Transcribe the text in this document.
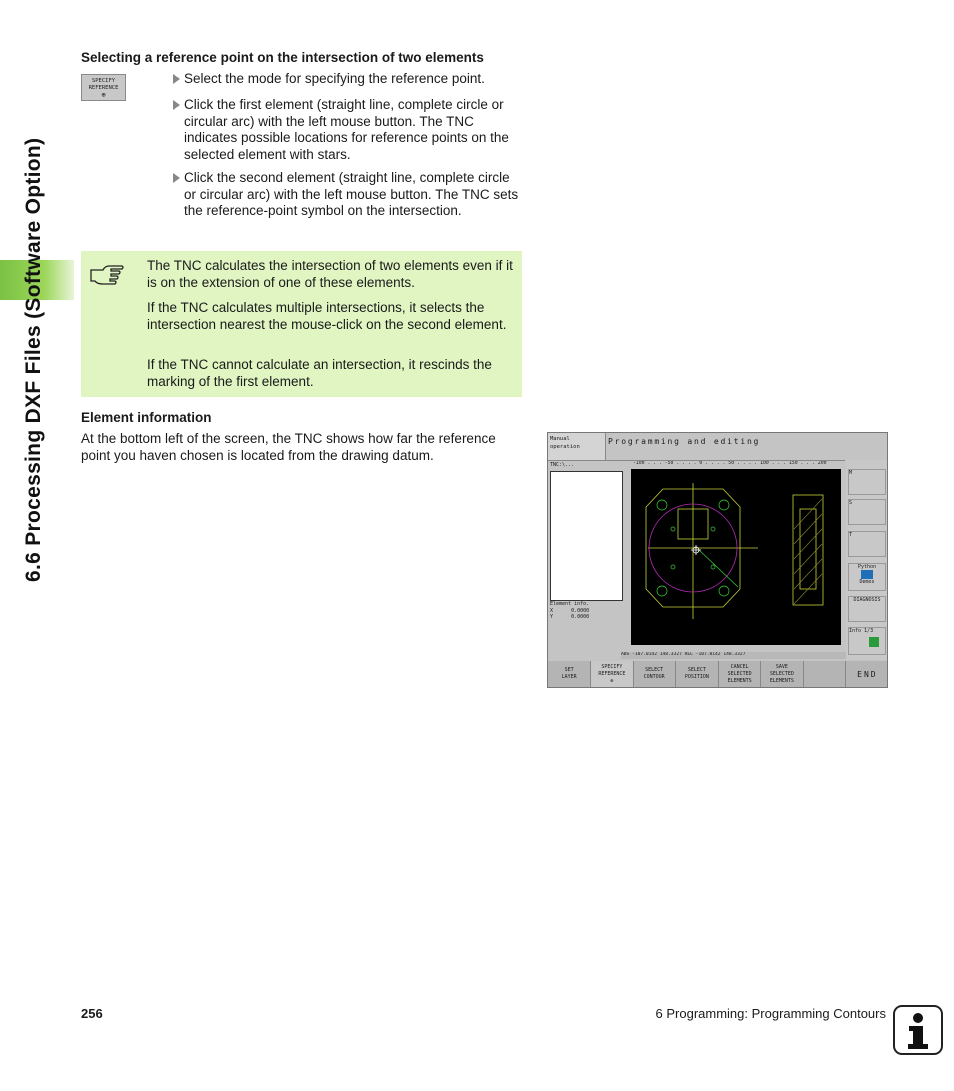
6.6 Processing DXF Files (Software Option)
Selecting a reference point on the intersection of two elements
SPECIFY
REFERENCE
⊕
Select the mode for specifying the reference point.
Click the first element (straight line, complete circle or circular arc) with the left mouse button. The TNC indicates possible locations for reference points on the selected element with stars.
Click the second element (straight line, complete circle or circular arc) with the left mouse button. The TNC sets the reference-point symbol on the intersection.
The TNC calculates the intersection of two elements even if it is on the extension of one of these elements.
If the TNC calculates multiple intersections, it selects the intersection nearest the mouse-click on the second element.
If the TNC cannot calculate an intersection, it rescinds the marking of the first element.
Element information
At the bottom left of the screen, the TNC shows how far the reference point you haven chosen is located from the drawing datum.
Manual
operation
Programming and editing
TNC:\...	-100 . . . -50 . . . . 0 . . . . 50 . . . . 100 . . . 150 . . . 200
Element info.
X	0.0000
Y	0.0000
ABS -107.0142 148.3327 REL -107.0142 148.3327
M
S
T
Python
Demos
DIAGNOSIS
Info 1/3
SET
LAYER
SPECIFY
REFERENCE
⊕
SELECT
CONTOUR
SELECT
POSITION
CANCEL
SELECTED
ELEMENTS
SAVE
SELECTED
ELEMENTS
END
256	6 Programming: Programming Contours
